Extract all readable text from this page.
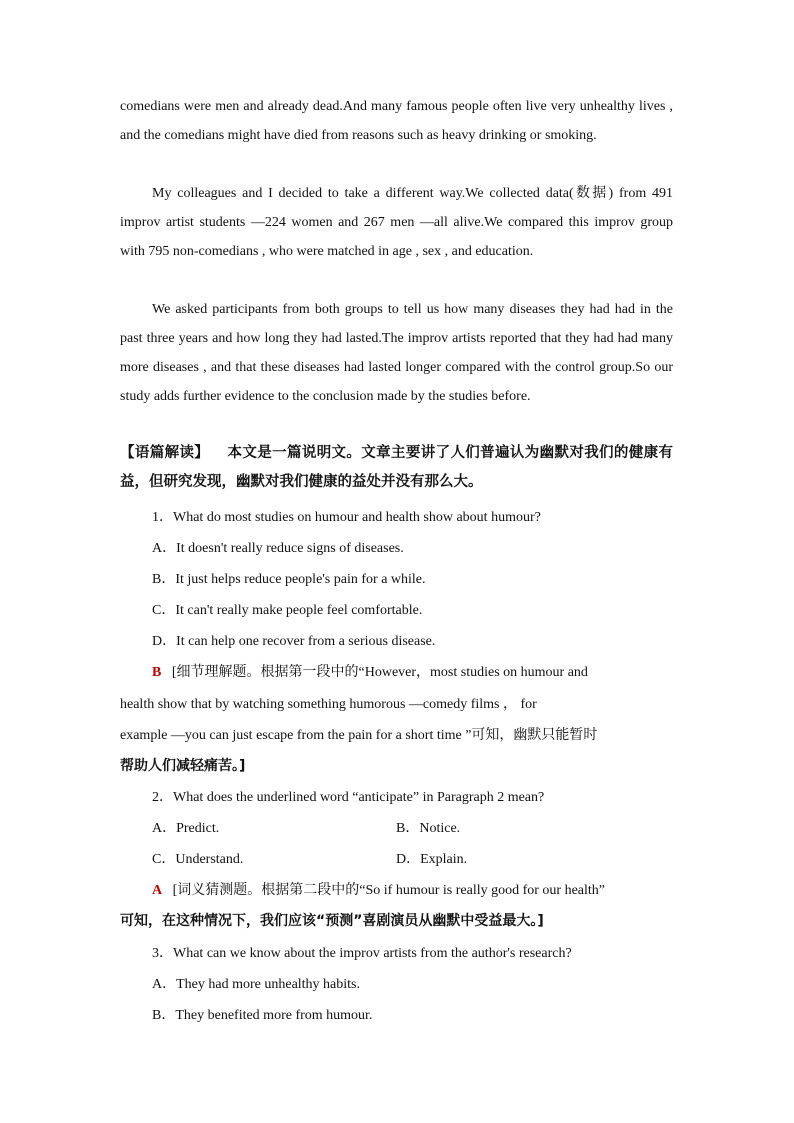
comedians were men and already dead.And many famous people often live very unhealthy lives , and the comedians might have died from reasons such as heavy drinking or smoking.
My colleagues and I decided to take a different way.We collected data(数据) from 491 improv artist students —224 women and 267 men —all alive.We compared this improv group with 795 non-comedians , who were matched in age , sex , and education.
We asked participants from both groups to tell us how many diseases they had had in the past three years and how long they had lasted.The improv artists reported that they had had many more diseases , and that these diseases had lasted longer compared with the control group.So our study adds further evidence to the conclusion made by the studies before.
【语篇解读】 本文是一篇说明文。文章主要讲了人们普遍认为幽默对我们的健康有益，但研究发现，幽默对我们健康的益处并没有那么大。
1．What do most studies on humour and health show about humour?
A．It doesn't really reduce signs of diseases.
B．It just helps reduce people's pain for a while.
C．It can't really make people feel comfortable.
D．It can help one recover from a serious disease.
B [细节理解题。根据第一段中的“However，most studies on humour and
health show that by watching something humorous —comedy films ， for
example —you can just escape from the pain for a short time ”可知，幽默只能暂时
帮助人们减轻痛苦。]
2．What does the underlined word “anticipate” in Paragraph 2 mean?
A．Predict.	B．Notice.
C．Understand.	D．Explain.
A [词义猜测题。根据第二段中的“So if humour is really good for our health”
可知，在这种情况下，我们应该“预测”喜剧演员从幽默中受益最大。]
3．What can we know about the improv artists from the author's research?
A．They had more unhealthy habits.
B．They benefited more from humour.
